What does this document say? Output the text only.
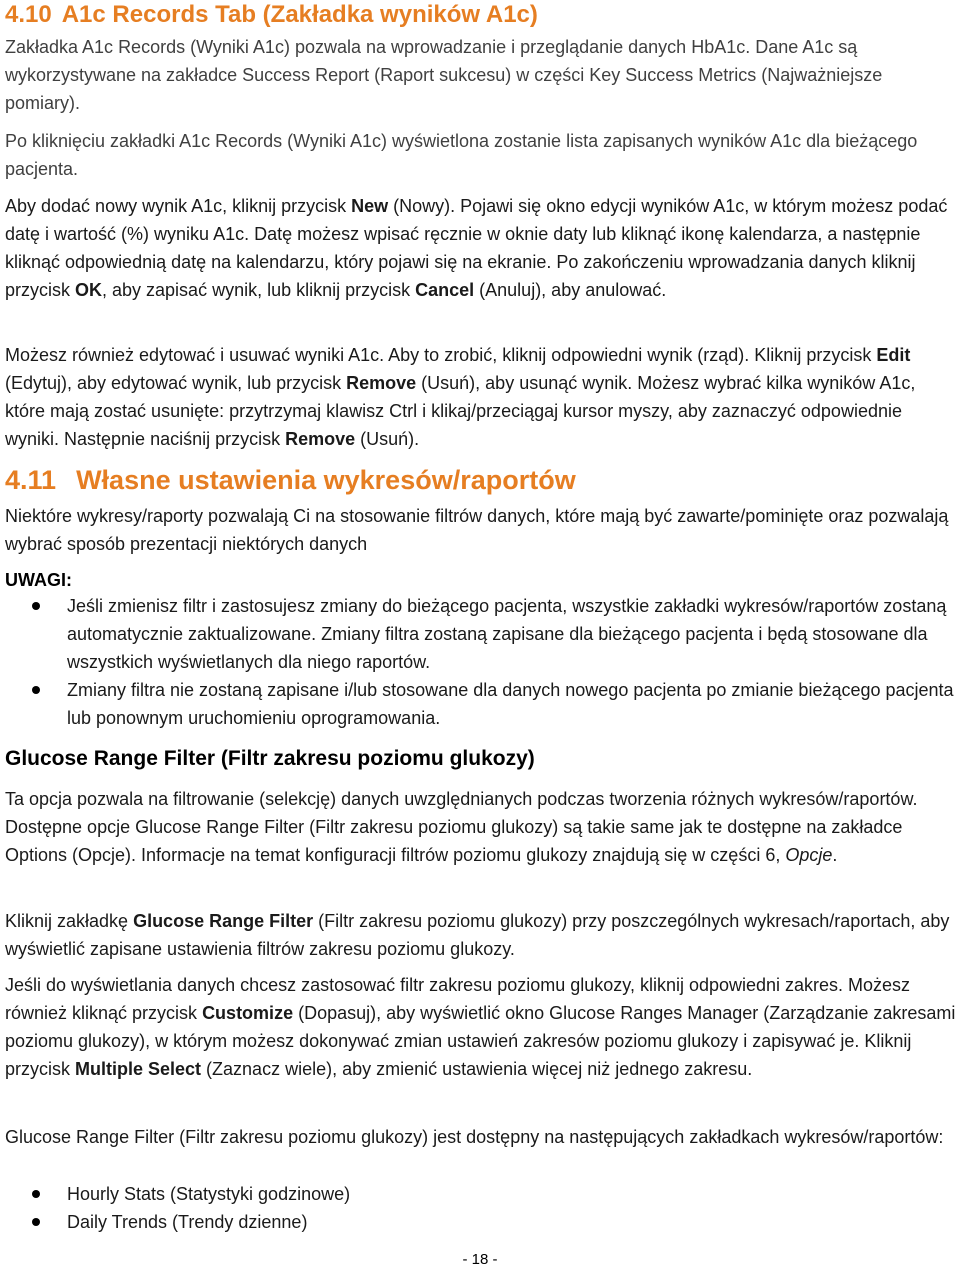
4.10 A1c Records Tab (Zakładka wyników A1c)

Zakładka A1c Records (Wyniki A1c) pozwala na wprowadzanie i przeglądanie danych HbA1c. Dane A1c są wykorzystywane na zakładce Success Report (Raport sukcesu) w części Key Success Metrics (Najważniejsze pomiary).

Po kliknięciu zakładki A1c Records (Wyniki A1c) wyświetlona zostanie lista zapisanych wyników A1c dla bieżącego pacjenta.

Aby dodać nowy wynik A1c, kliknij przycisk New (Nowy). Pojawi się okno edycji wyników A1c, w którym możesz podać datę i wartość (%) wyniku A1c. Datę możesz wpisać ręcznie w oknie daty lub kliknąć ikonę kalendarza, a następnie kliknąć odpowiednią datę na kalendarzu, który pojawi się na ekranie. Po zakończeniu wprowadzania danych kliknij przycisk OK, aby zapisać wynik, lub kliknij przycisk Cancel (Anuluj), aby anulować.

Możesz również edytować i usuwać wyniki A1c. Aby to zrobić, kliknij odpowiedni wynik (rząd). Kliknij przycisk Edit (Edytuj), aby edytować wynik, lub przycisk Remove (Usuń), aby usunąć wynik. Możesz wybrać kilka wyników A1c, które mają zostać usunięte: przytrzymaj klawisz Ctrl i klikaj/przeciągaj kursor myszy, aby zaznaczyć odpowiednie wyniki. Następnie naciśnij przycisk Remove (Usuń).

4.11 Własne ustawienia wykresów/raportów

Niektóre wykresy/raporty pozwalają Ci na stosowanie filtrów danych, które mają być zawarte/pominięte oraz pozwalają wybrać sposób prezentacji niektórych danych

UWAGI:

Jeśli zmienisz filtr i zastosujesz zmiany do bieżącego pacjenta, wszystkie zakładki wykresów/raportów zostaną automatycznie zaktualizowane. Zmiany filtra zostaną zapisane dla bieżącego pacjenta i będą stosowane dla wszystkich wyświetlanych dla niego raportów.
Zmiany filtra nie zostaną zapisane i/lub stosowane dla danych nowego pacjenta po zmianie bieżącego pacjenta lub ponownym uruchomieniu oprogramowania.
Glucose Range Filter (Filtr zakresu poziomu glukozy)

Ta opcja pozwala na filtrowanie (selekcję) danych uwzględnianych podczas tworzenia różnych wykresów/raportów. Dostępne opcje Glucose Range Filter (Filtr zakresu poziomu glukozy) są takie same jak te dostępne na zakładce Options (Opcje). Informacje na temat konfiguracji filtrów poziomu glukozy znajdują się w części 6, Opcje.

Kliknij zakładkę Glucose Range Filter (Filtr zakresu poziomu glukozy) przy poszczególnych wykresach/raportach, aby wyświetlić zapisane ustawienia filtrów zakresu poziomu glukozy.

Jeśli do wyświetlania danych chcesz zastosować filtr zakresu poziomu glukozy, kliknij odpowiedni zakres. Możesz również kliknąć przycisk Customize (Dopasuj), aby wyświetlić okno Glucose Ranges Manager (Zarządzanie zakresami poziomu glukozy), w którym możesz dokonywać zmian ustawień zakresów poziomu glukozy i zapisywać je. Kliknij przycisk Multiple Select (Zaznacz wiele), aby zmienić ustawienia więcej niż jednego zakresu.

Glucose Range Filter (Filtr zakresu poziomu glukozy) jest dostępny na następujących zakładkach wykresów/raportów:

Hourly Stats (Statystyki godzinowe)
Daily Trends (Trendy dzienne)
- 18 -
